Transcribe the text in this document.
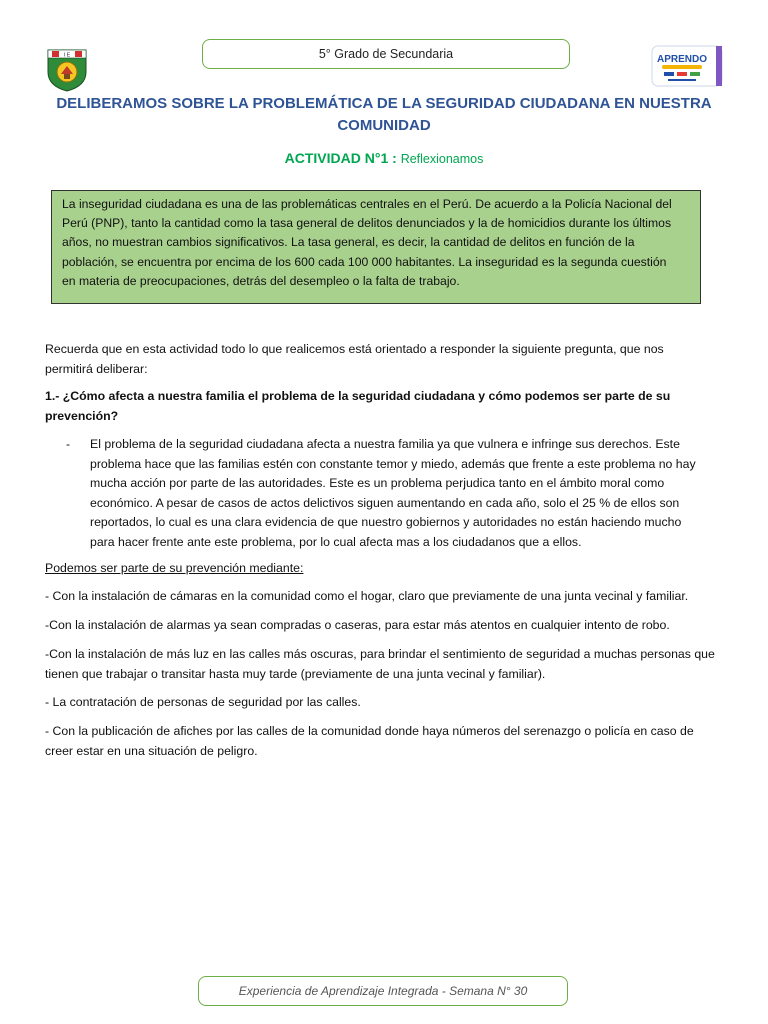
I E	5° Grado de Secundaria	APRENDO
DELIBERAMOS SOBRE LA PROBLEMÁTICA DE LA SEGURIDAD CIUDADANA EN NUESTRA
COMUNIDAD
ACTIVIDAD N°1 : Reflexionamos
La inseguridad ciudadana es una de las problemáticas centrales en el Perú. De acuerdo a la Policía Nacional del
Perú (PNP), tanto la cantidad como la tasa general de delitos denunciados y la de homicidios durante los últimos
años, no muestran cambios significativos. La tasa general, es decir, la cantidad de delitos en función de la
población, se encuentra por encima de los 600 cada 100 000 habitantes. La inseguridad es la segunda cuestión
en materia de preocupaciones, detrás del desempleo o la falta de trabajo.
Recuerda que en esta actividad todo lo que realicemos está orientado a responder la siguiente pregunta, que nos
permitirá deliberar:
1.- ¿Cómo afecta a nuestra familia el problema de la seguridad ciudadana y cómo podemos ser parte de su
prevención?
-	El problema de la seguridad ciudadana afecta a nuestra familia ya que vulnera e infringe sus derechos. Este
problema hace que las familias estén con constante temor y miedo, además que frente a este problema no hay
mucha acción por parte de las autoridades. Este es un problema perjudica tanto en el ámbito moral como
económico. A pesar de casos de actos delictivos siguen aumentando en cada año, solo el 25 % de ellos son
reportados, lo cual es una clara evidencia de que nuestro gobiernos y autoridades no están haciendo mucho
para hacer frente ante este problema, por lo cual afecta mas a los ciudadanos que a ellos.
Podemos ser parte de su prevención mediante:
- Con la instalación de cámaras en la comunidad como el hogar, claro que previamente de una junta vecinal y familiar.
-Con la instalación de alarmas ya sean compradas o caseras, para estar más atentos en cualquier intento de robo.
-Con la instalación de más luz en las calles más oscuras, para brindar el sentimiento de seguridad a muchas personas que
tienen que trabajar o transitar hasta muy tarde (previamente de una junta vecinal y familiar).
- La contratación de personas de seguridad por las calles.
- Con la publicación de afiches por las calles de la comunidad donde haya números del serenazgo o policía en caso de
creer estar en una situación de peligro.
Experiencia de Aprendizaje Integrada - Semana N° 30
